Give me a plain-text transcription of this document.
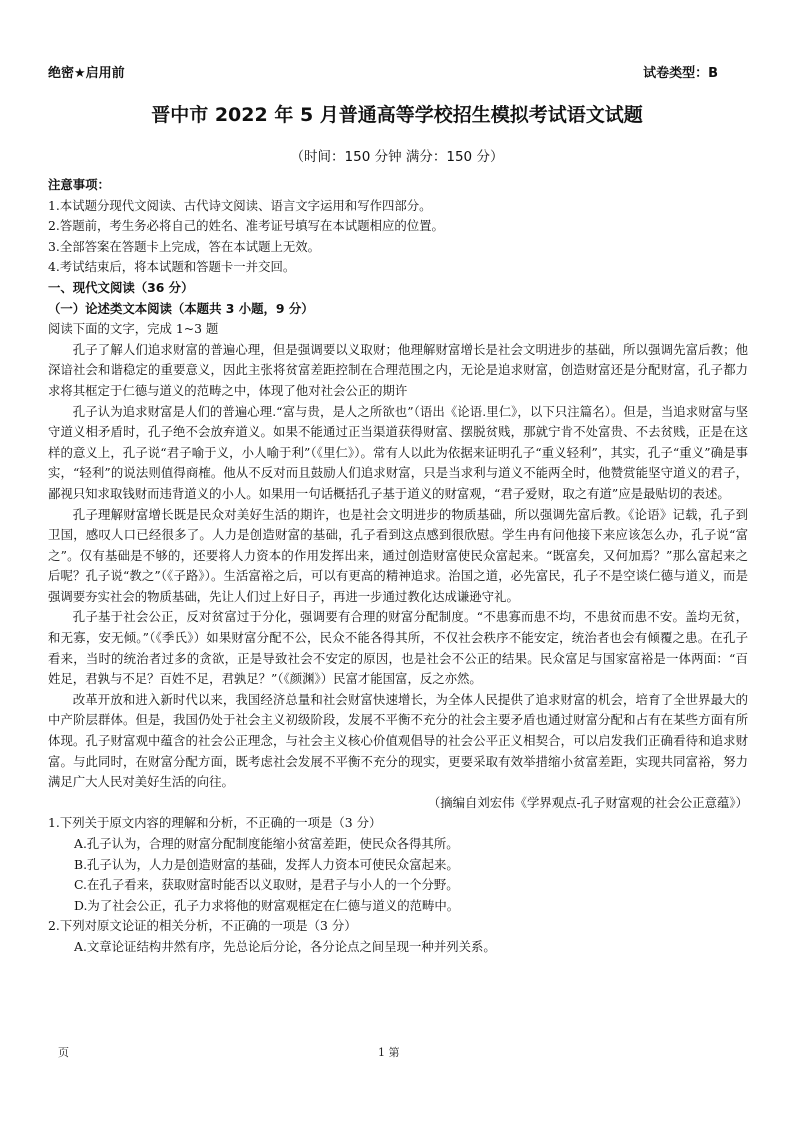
绝密★启用前	试卷类型：B
晋中市 2022 年 5 月普通高等学校招生模拟考试语文试题
（时间：150 分钟 满分：150 分）

注意事项：

1.本试题分现代文阅读、古代诗文阅读、语言文字运用和写作四部分。

2.答题前，考生务必将自己的姓名、准考证号填写在本试题相应的位置。

3.全部答案在答题卡上完成，答在本试题上无效。

4.考试结束后，将本试题和答题卡一并交回。

一、现代文阅读（36 分）

（一）论述类文本阅读（本题共 3 小题，9 分）

阅读下面的文字，完成 1~3 题

孔子了解人们追求财富的普遍心理，但是强调要以义取财；他理解财富增长是社会文明进步的基础，所以强调先富后教；他深谙社会和谐稳定的重要意义，因此主张将贫富差距控制在合理范围之内，无论是追求财富，创造财富还是分配财富，孔子都力求将其框定于仁德与道义的范畴之中，体现了他对社会公正的期许

孔子认为追求财富是人们的普遍心理.“富与贵，是人之所欲也”（语出《论语.里仁》，以下只注篇名）。但是，当追求财富与坚守道义相矛盾时，孔子绝不会放弃道义。如果不能通过正当渠道获得财富、摆脱贫贱，那就宁肯不处富贵、不去贫贱，正是在这样的意义上，孔子说“君子喻于义，小人喻于利”（《里仁》）。常有人以此为依据来证明孔子“重义轻利”，其实，孔子“重义”确是事实，“轻利”的说法则值得商榷。他从不反对而且鼓励人们追求财富，只是当求利与道义不能两全时，他赞赏能坚守道义的君子，鄙视只知求取钱财而违背道义的小人。如果用一句话概括孔子基于道义的财富观，“君子爱财，取之有道”应是最贴切的表述。

孔子理解财富增长既是民众对美好生活的期许，也是社会文明进步的物质基础，所以强调先富后教。《论语》记载，孔子到卫国，感叹人口已经很多了。人力是创造财富的基础，孔子看到这点感到很欣慰。学生冉有问他接下来应该怎么办，孔子说“富之”。仅有基础是不够的，还要将人力资本的作用发挥出来，通过创造财富使民众富起来。“既富矣，又何加焉？”那么富起来之后呢？孔子说“教之”（《子路》）。生活富裕之后，可以有更高的精神追求。治国之道，必先富民，孔子不是空谈仁德与道义，而是强调要夯实社会的物质基础，先让人们过上好日子，再进一步通过教化达成谦逊守礼。

孔子基于社会公正，反对贫富过于分化，强调要有合理的财富分配制度。“不患寡而患不均，不患贫而患不安。盖均无贫，和无寡，安无倾。”（《季氏》）如果财富分配不公，民众不能各得其所，不仅社会秩序不能安定，统治者也会有倾覆之患。在孔子看来，当时的统治者过多的贪欲，正是导致社会不安定的原因，也是社会不公正的结果。民众富足与国家富裕是一体两面：“百姓足，君孰与不足？百姓不足，君孰足？”（《颜渊》）民富才能国富，反之亦然。

改革开放和进入新时代以来，我国经济总量和社会财富快速增长，为全体人民提供了追求财富的机会，培育了全世界最大的中产阶层群体。但是，我国仍处于社会主义初级阶段，发展不平衡不充分的社会主要矛盾也通过财富分配和占有在某些方面有所体现。孔子财富观中蕴含的社会公正理念，与社会主义核心价值观倡导的社会公平正义相契合，可以启发我们正确看待和追求财富。与此同时，在财富分配方面，既考虑社会发展不平衡不充分的现实，更要采取有效举措缩小贫富差距，实现共同富裕，努力满足广大人民对美好生活的向往。

（摘编自刘宏伟《学界观点-孔子财富观的社会公正意蕴》）

1.下列关于原文内容的理解和分析，不正确的一项是（3 分）

A.孔子认为，合理的财富分配制度能缩小贫富差距，使民众各得其所。

B.孔子认为，人力是创造财富的基础，发挥人力资本可使民众富起来。

C.在孔子看来，获取财富时能否以义取财，是君子与小人的一个分野。

D.为了社会公正，孔子力求将他的财富观框定在仁德与道义的范畴中。

2.下列对原文论证的相关分析，不正确的一项是（3 分）

A.文章论证结构井然有序，先总论后分论，各分论点之间呈现一种并列关系。

页	1 第
